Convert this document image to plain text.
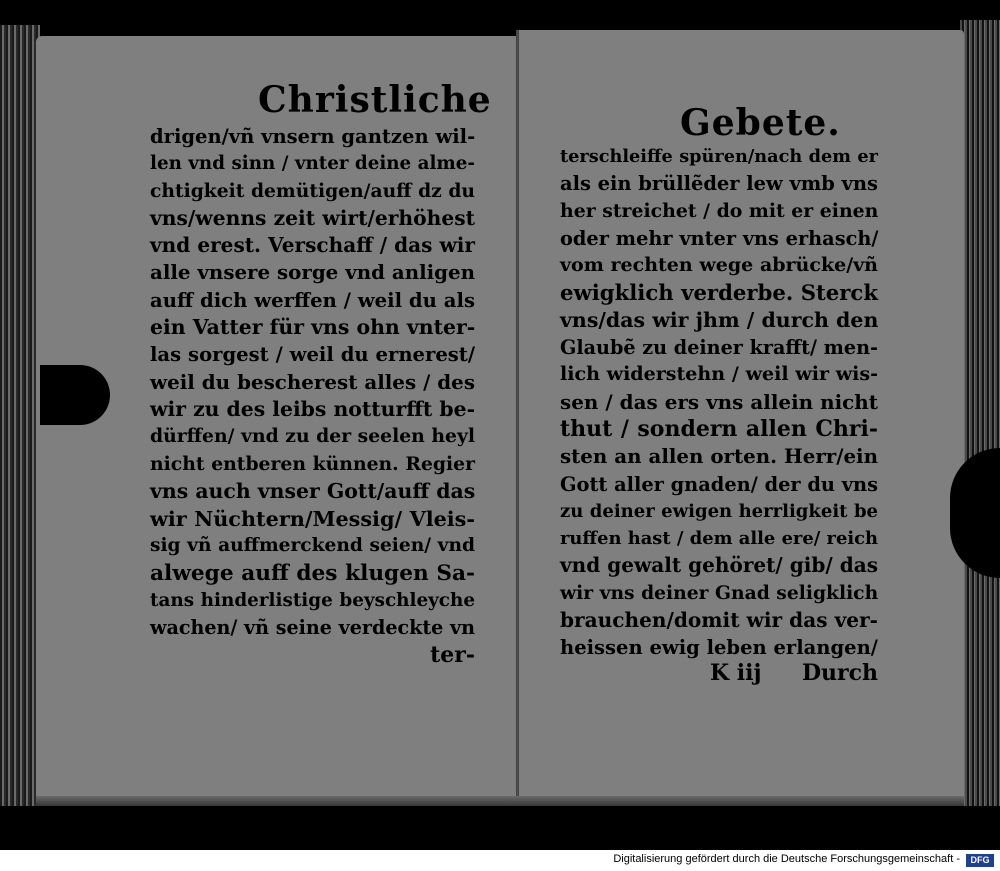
Christliche
Gebete.
drigen/vñ vnsern gantzen wil-
len vnd sinn / vnter deine alme-
chtigkeit demütigen/auff dz du
vns/wenns zeit wirt/erhöhest
vnd erest. Verschaff / das wir
alle vnsere sorge vnd anligen
auff dich werffen / weil du als
ein Vatter für vns ohn vnter-
las sorgest / weil du ernerest/
weil du bescherest alles / des
wir zu des leibs notturfft be-
dürffen/ vnd zu der seelen heyl
nicht entberen künnen. Regier
vns auch vnser Gott/auff das
wir Nüchtern/Messig/ Vleis-
sig vñ auffmerckend seien/ vnd
alwege auff des klugen Sa-
tans hinderlistige beyschleyche
wachen/ vñ seine verdeckte vn
ter-
terschleiffe spüren/nach dem er
als ein brüllẽder lew vmb vns
her streichet / do mit er einen
oder mehr vnter vns erhasch/
vom rechten wege abrücke/vñ
ewigklich verderbe. Sterck
vns/das wir jhm / durch den
Glaubẽ zu deiner krafft/ men-
lich widerstehn / weil wir wis-
sen / das ers vns allein nicht
thut / sondern allen Chri-
sten an allen orten. Herr/ein
Gott aller gnaden/ der du vns
zu deiner ewigen herrligkeit be
ruffen hast / dem alle ere/ reich
vnd gewalt gehöret/ gib/ das
wir vns deiner Gnad seligklich
brauchen/domit wir das ver-
heissen ewig leben erlangen/
K iij Durch
Digitalisierung gefördert durch die Deutsche Forschungsgemeinschaft -	DFG
